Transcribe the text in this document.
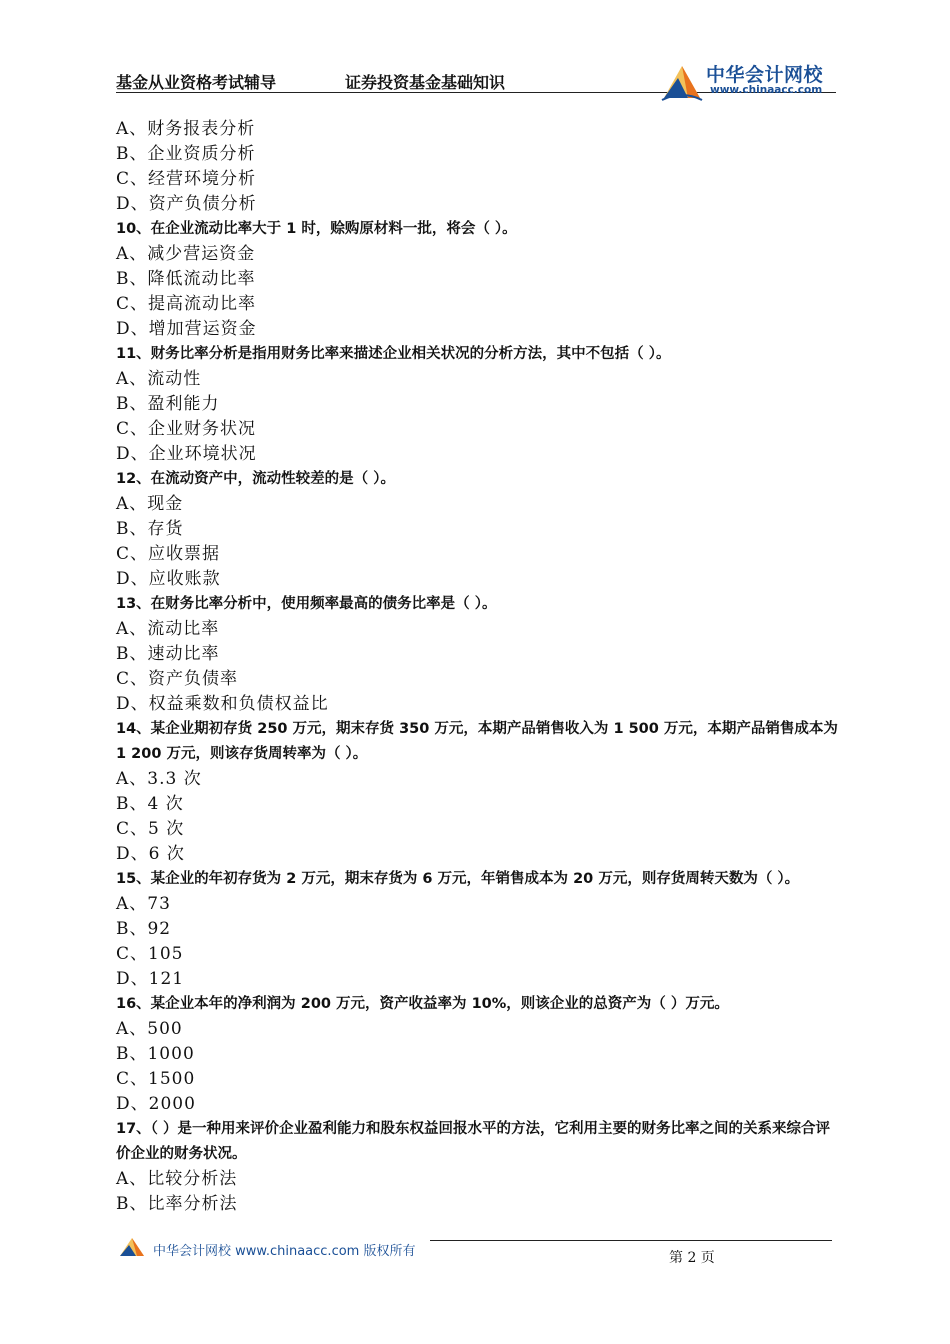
基金从业资格考试辅导	证券投资基金基础知识	中华会计网校
www.chinaacc.com
A、财务报表分析
B、企业资质分析
C、经营环境分析
D、资产负债分析
10、在企业流动比率大于 1 时，赊购原材料一批，将会（ ）。
A、减少营运资金
B、降低流动比率
C、提高流动比率
D、增加营运资金
11、财务比率分析是指用财务比率来描述企业相关状况的分析方法，其中不包括（ ）。
A、流动性
B、盈利能力
C、企业财务状况
D、企业环境状况
12、在流动资产中，流动性较差的是（ ）。
A、现金
B、存货
C、应收票据
D、应收账款
13、在财务比率分析中，使用频率最高的债务比率是（ ）。
A、流动比率
B、速动比率
C、资产负债率
D、权益乘数和负债权益比
14、某企业期初存货 250 万元，期末存货 350 万元，本期产品销售收入为 1 500 万元，本期产品销售成本为 1 200 万元，则该存货周转率为（ ）。
A、3.3 次
B、4 次
C、5 次
D、6 次
15、某企业的年初存货为 2 万元，期末存货为 6 万元，年销售成本为 20 万元，则存货周转天数为（ ）。
A、73
B、92
C、105
D、121
16、某企业本年的净利润为 200 万元，资产收益率为 10%，则该企业的总资产为（ ）万元。
A、500
B、1000
C、1500
D、2000
17、（ ）是一种用来评价企业盈利能力和股东权益回报水平的方法，它利用主要的财务比率之间的关系来综合评价企业的财务状况。
A、比较分析法
B、比率分析法
中华会计网校 www.chinaacc.com 版权所有	第 2 页
